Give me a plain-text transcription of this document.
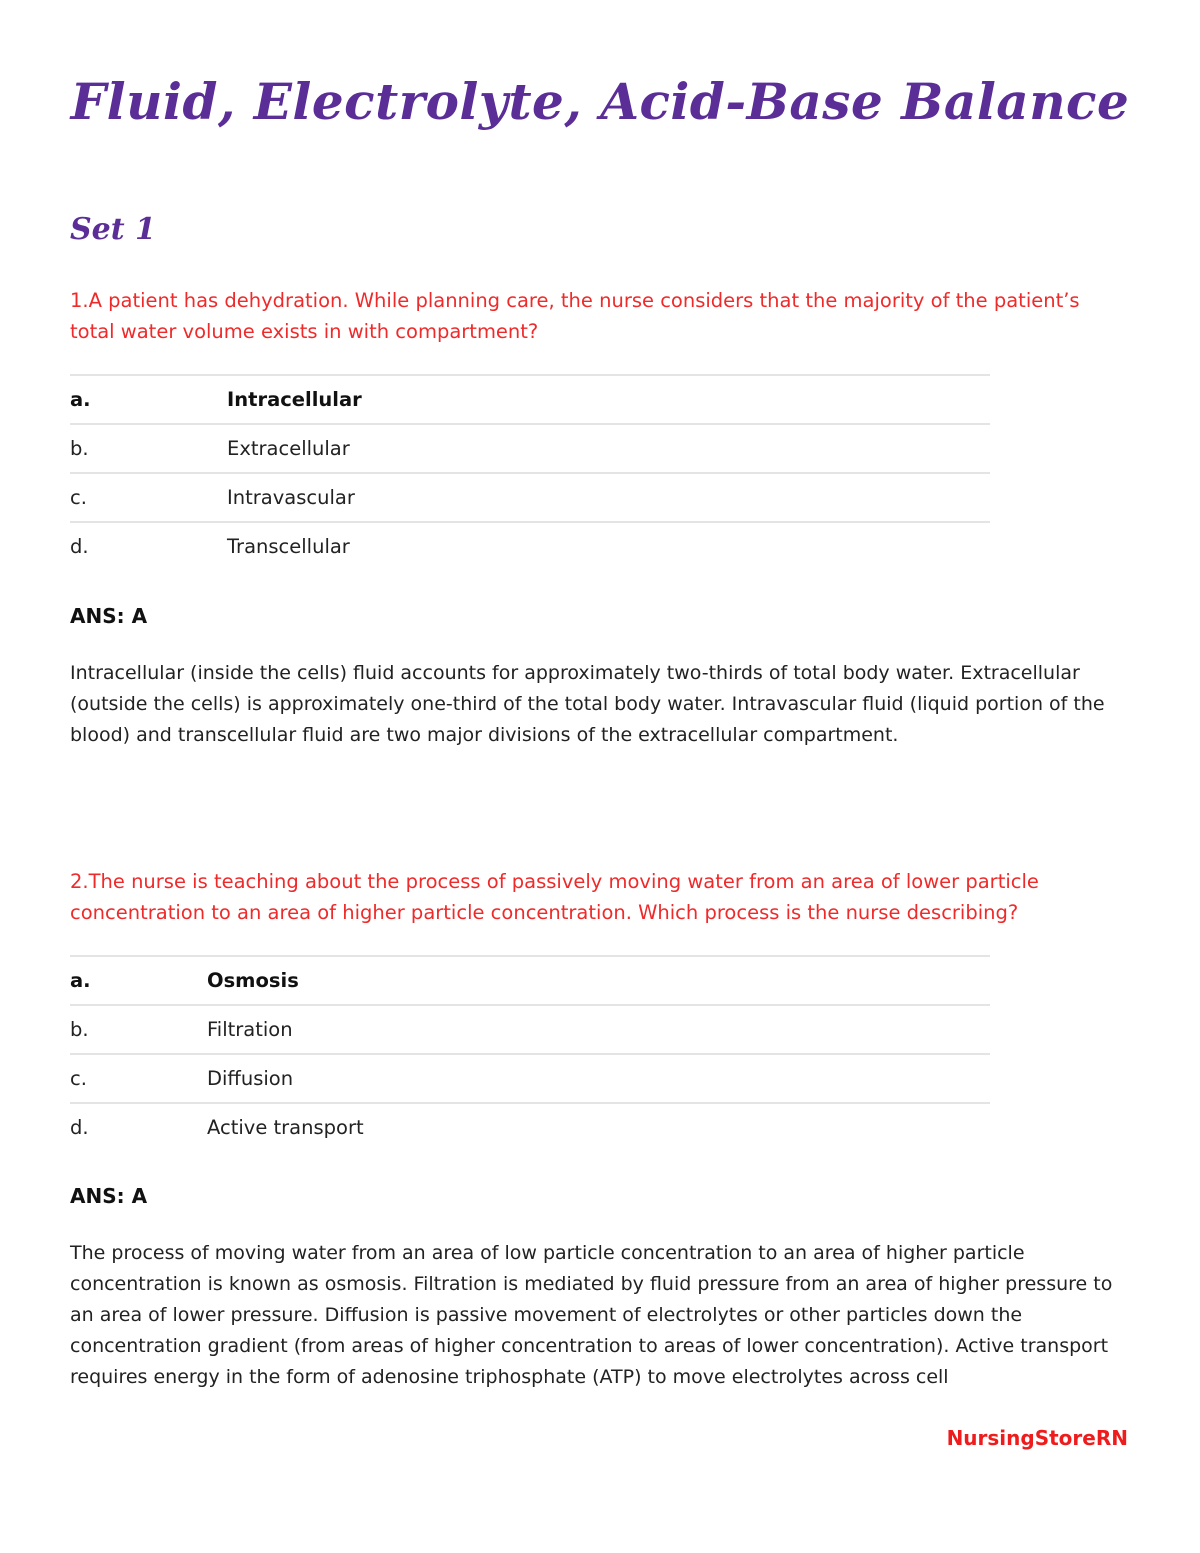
Fluid, Electrolyte, Acid-Base Balance
Set 1

1.A patient has dehydration. While planning care, the nurse considers that the majority of the patient’s total water volume exists in with compartment?

a.	Intracellular
b.	Extracellular
c.	Intravascular
d.	Transcellular

ANS: A

Intracellular (inside the cells) fluid accounts for approximately two-thirds of total body water. Extracellular (outside the cells) is approximately one-third of the total body water. Intravascular fluid (liquid portion of the blood) and transcellular fluid are two major divisions of the extracellular compartment.

2.The nurse is teaching about the process of passively moving water from an area of lower particle concentration to an area of higher particle concentration. Which process is the nurse describing?

a.	Osmosis
b.	Filtration
c.	Diffusion
d.	Active transport

ANS: A

The process of moving water from an area of low particle concentration to an area of higher particle concentration is known as osmosis. Filtration is mediated by fluid pressure from an area of higher pressure to an area of lower pressure. Diffusion is passive movement of electrolytes or other particles down the concentration gradient (from areas of higher concentration to areas of lower concentration). Active transport requires energy in the form of adenosine triphosphate (ATP) to move electrolytes across cell

NursingStoreRN
